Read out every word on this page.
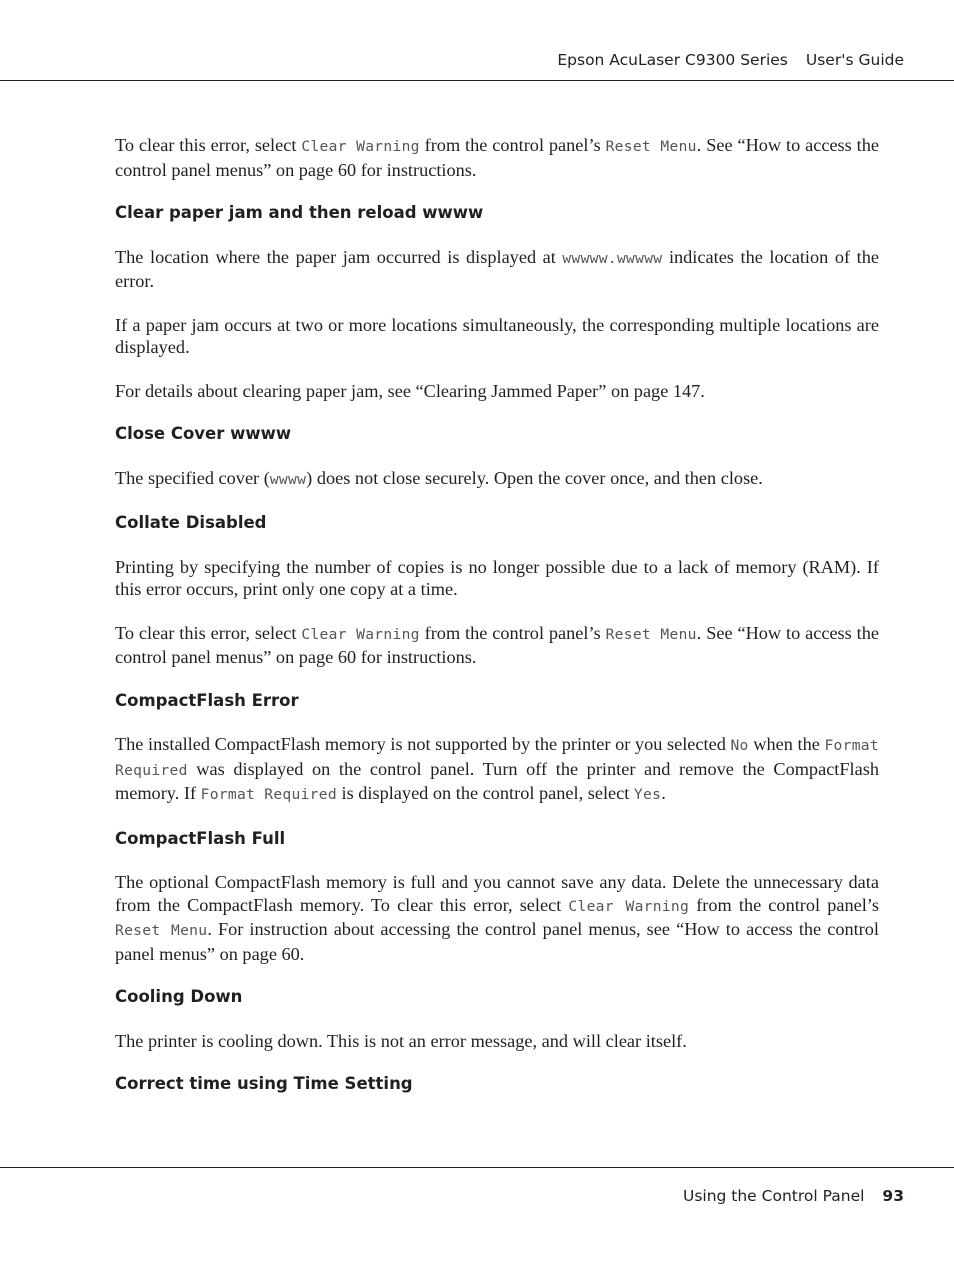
Epson AcuLaser C9300 Series User's Guide

To clear this error, select Clear Warning from the control panel’s Reset Menu. See “How to access the control panel menus” on page 60 for instructions.

Clear paper jam and then reload wwww

The location where the paper jam occurred is displayed at wwwww.wwwww indicates the location of the error.

If a paper jam occurs at two or more locations simultaneously, the corresponding multiple locations are displayed.

For details about clearing paper jam, see “Clearing Jammed Paper” on page 147.

Close Cover wwww

The specified cover (wwww) does not close securely. Open the cover once, and then close.

Collate Disabled

Printing by specifying the number of copies is no longer possible due to a lack of memory (RAM). If this error occurs, print only one copy at a time.

To clear this error, select Clear Warning from the control panel’s Reset Menu. See “How to access the control panel menus” on page 60 for instructions.

CompactFlash Error

The installed CompactFlash memory is not supported by the printer or you selected No when the Format Required was displayed on the control panel. Turn off the printer and remove the CompactFlash memory. If Format Required is displayed on the control panel, select Yes.

CompactFlash Full

The optional CompactFlash memory is full and you cannot save any data. Delete the unnecessary data from the CompactFlash memory. To clear this error, select Clear Warning from the control panel’s Reset Menu. For instruction about accessing the control panel menus, see “How to access the control panel menus” on page 60.

Cooling Down

The printer is cooling down. This is not an error message, and will clear itself.

Correct time using Time Setting
Using the Control Panel 93
